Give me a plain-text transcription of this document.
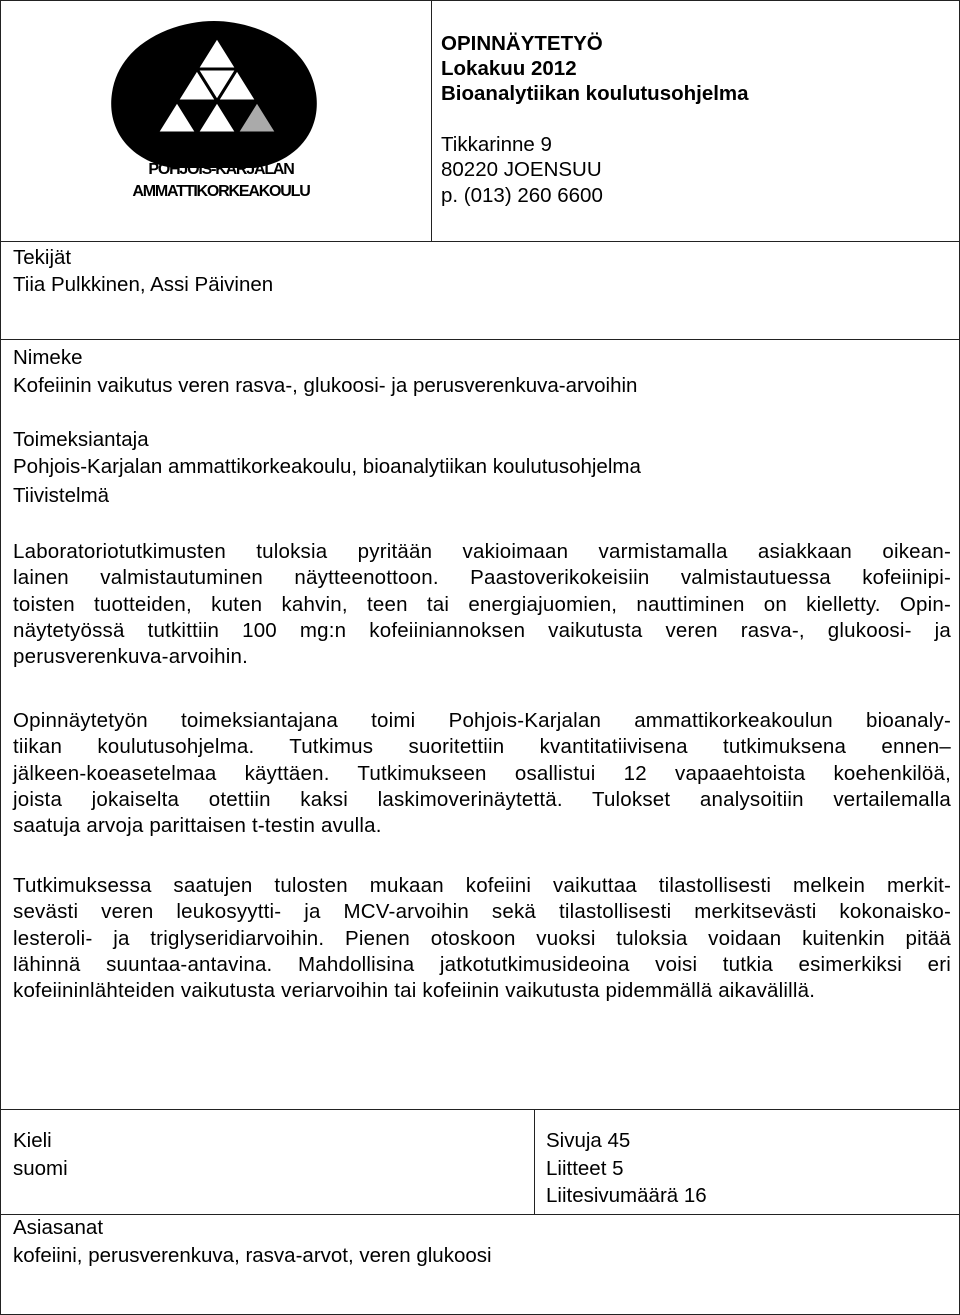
POHJOIS-KARJALAN
AMMATTIKORKEAKOULU
OPINNÄYTETYÖ
Lokakuu 2012
Bioanalytiikan koulutusohjelma
Tikkarinne 9
80220 JOENSUU
p. (013) 260 6600
Tekijät
Tiia Pulkkinen, Assi Päivinen
Nimeke
Kofeiinin vaikutus veren rasva-, glukoosi- ja perusverenkuva-arvoihin
Toimeksiantaja
Pohjois-Karjalan ammattikorkeakoulu, bioanalytiikan koulutusohjelma
Tiivistelmä
Laboratoriotutkimusten tuloksia pyritään vakioimaan varmistamalla asiakkaan oikean-
lainen valmistautuminen näytteenottoon. Paastoverikokeisiin valmistautuessa kofeiinipi-
toisten tuotteiden, kuten kahvin, teen tai energiajuomien, nauttiminen on kielletty. Opin-
näytetyössä tutkittiin 100 mg:n kofeiiniannoksen vaikutusta veren rasva-, glukoosi- ja
perusverenkuva-arvoihin.
Opinnäytetyön toimeksiantajana toimi Pohjois-Karjalan ammattikorkeakoulun bioanaly-
tiikan koulutusohjelma. Tutkimus suoritettiin kvantitatiivisena tutkimuksena ennen–
jälkeen-koeasetelmaa käyttäen. Tutkimukseen osallistui 12 vapaaehtoista koehenkilöä,
joista jokaiselta otettiin kaksi laskimoverinäytettä. Tulokset analysoitiin vertailemalla
saatuja arvoja parittaisen t-testin avulla.
Tutkimuksessa saatujen tulosten mukaan kofeiini vaikuttaa tilastollisesti melkein merkit-
sevästi veren leukosyytti- ja MCV-arvoihin sekä tilastollisesti merkitsevästi kokonaisko-
lesteroli- ja triglyseridiarvoihin. Pienen otoskoon vuoksi tuloksia voidaan kuitenkin pitää
lähinnä suuntaa-antavina. Mahdollisina jatkotutkimusideoina voisi tutkia esimerkiksi eri
kofeiininlähteiden vaikutusta veriarvoihin tai kofeiinin vaikutusta pidemmällä aikavälillä.
Kieli
suomi
Sivuja 45
Liitteet 5
Liitesivumäärä 16
Asiasanat
kofeiini, perusverenkuva, rasva-arvot, veren glukoosi
